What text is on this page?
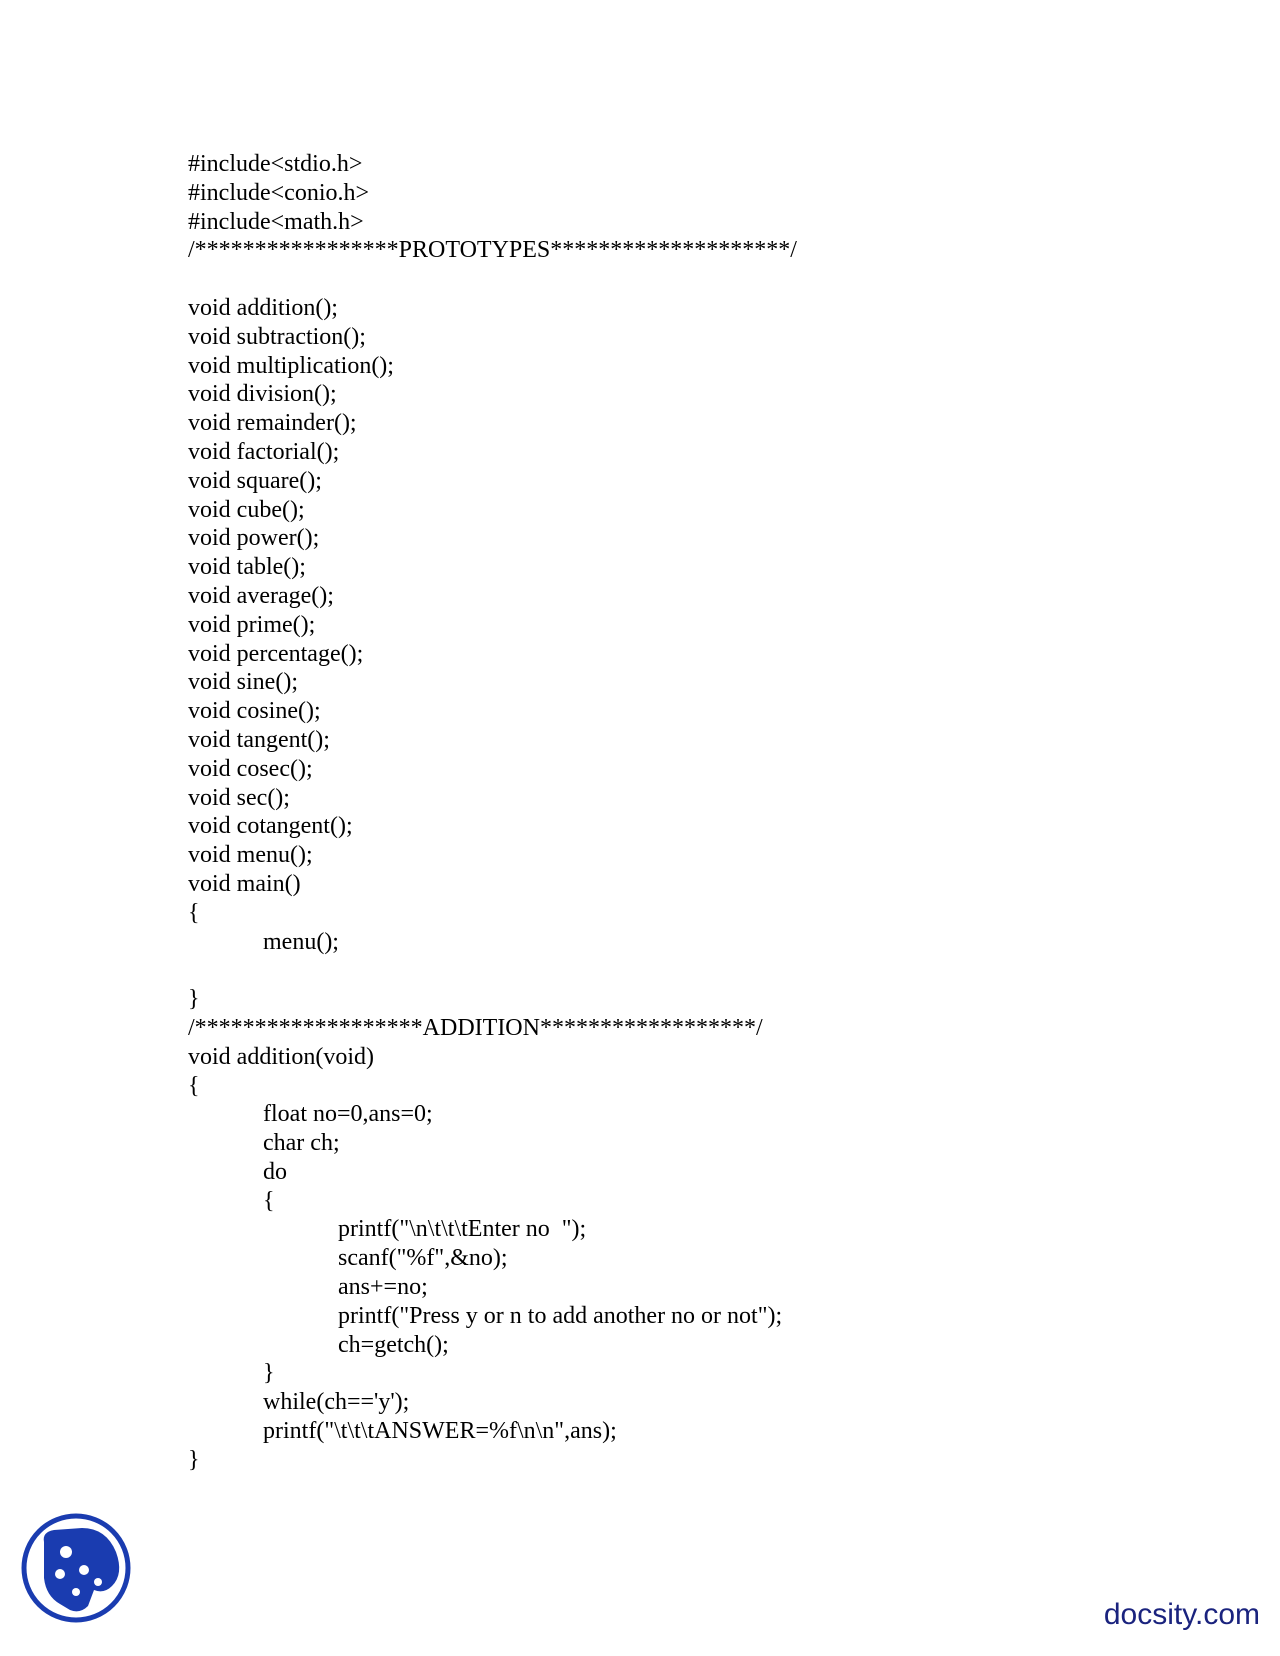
#include<stdio.h>
#include<conio.h>
#include<math.h>
/*****************PROTOTYPES********************/
void addition();
void subtraction();
void multiplication();
void division();
void remainder();
void factorial();
void square();
void cube();
void power();
void table();
void average();
void prime();
void percentage();
void sine();
void cosine();
void tangent();
void cosec();
void sec();
void cotangent();
void menu();
void main()
{
menu();
}
/*******************ADDITION******************/
void addition(void)
{
float no=0,ans=0;
char ch;
do
{
printf("\n\t\t\tEnter no  ");
scanf("%f",&no);
ans+=no;
printf("Press y or n to add another no or not");
ch=getch();
}
while(ch=='y');
printf("\t\t\tANSWER=%f\n\n",ans);
}
docsity.com
